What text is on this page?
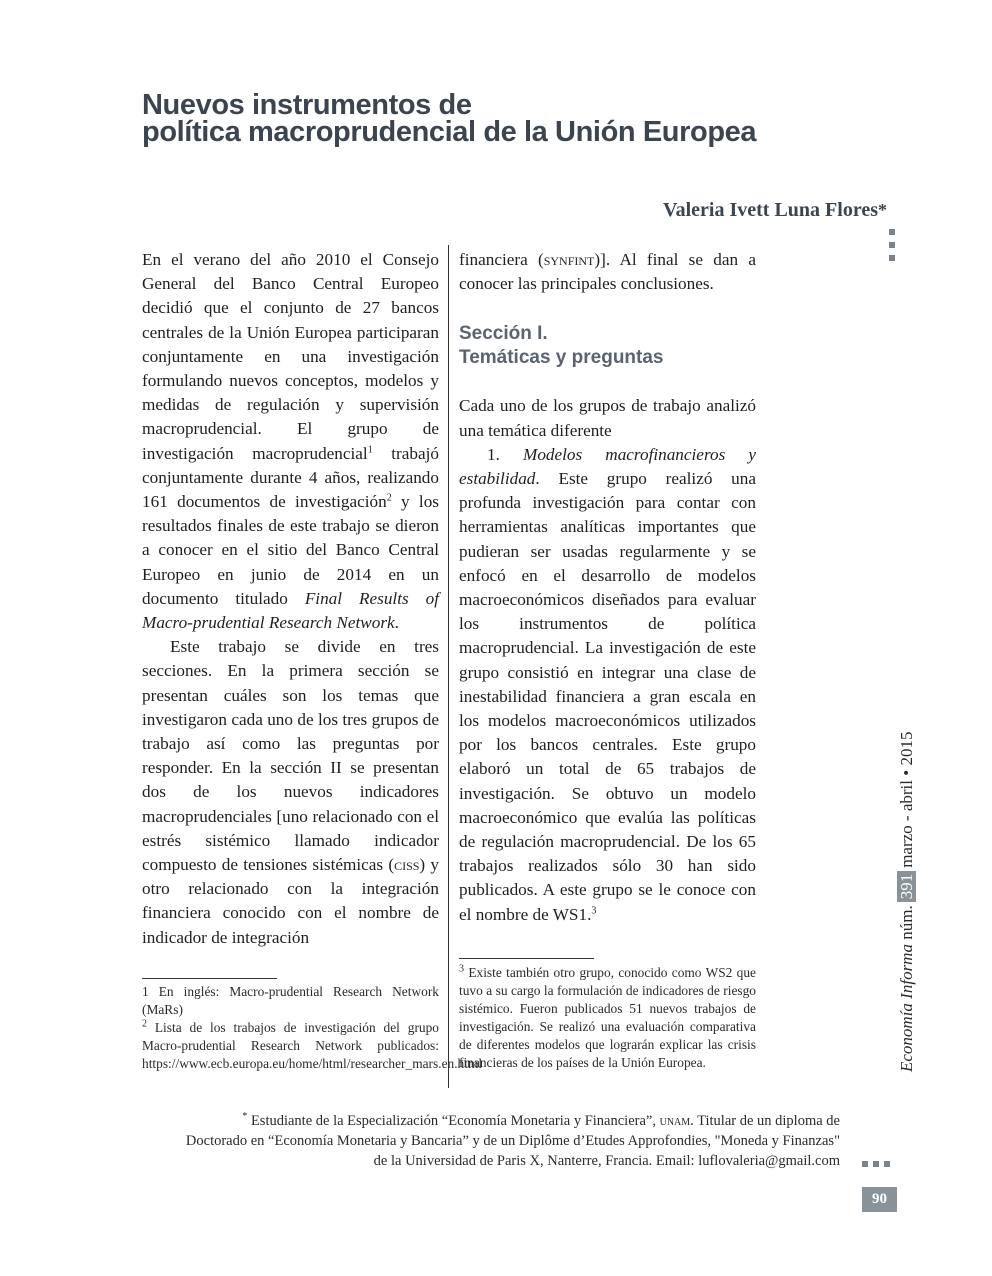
Nuevos instrumentos de
política macroprudencial de la Unión Europea

Valeria Ivett Luna Flores*

En el verano del año 2010 el Consejo General del Banco Central Europeo decidió que el conjunto de 27 bancos centrales de la Unión Europea participaran conjuntamente en una investigación formulando nuevos conceptos, modelos y medidas de regulación y supervisión macroprudencial. El grupo de investigación macroprudencial$^1$ trabajó conjuntamente durante 4 años, realizando 161 documentos de investigación$^2$ y los resultados finales de este trabajo se dieron a conocer en el sitio del Banco Central Europeo en junio de 2014 en un documento titulado Final Results of Macro-prudential Research Network.

Este trabajo se divide en tres secciones. En la primera sección se presentan cuáles son los temas que investigaron cada uno de los tres grupos de trabajo así como las preguntas por responder. En la sección II se presentan dos de los nuevos indicadores macroprudenciales [uno relacionado con el estrés sistémico llamado indicador compuesto de tensiones sistémicas (ciss) y otro relacionado con la integración financiera conocido con el nombre de indicador de integración

financiera (synfint)]. Al final se dan a conocer las principales conclusiones.

Sección I.
Temáticas y preguntas

Cada uno de los grupos de trabajo analizó una temática diferente

1. Modelos macrofinancieros y estabilidad. Este grupo realizó una profunda investigación para contar con herramientas analíticas importantes que pudieran ser usadas regularmente y se enfocó en el desarrollo de modelos macroeconómicos diseñados para evaluar los instrumentos de política macroprudencial. La investigación de este grupo consistió en integrar una clase de inestabilidad financiera a gran escala en los modelos macroeconómicos utilizados por los bancos centrales. Este grupo elaboró un total de 65 trabajos de investigación. Se obtuvo un modelo macroeconómico que evalúa las políticas de regulación macroprudencial. De los 65 trabajos realizados sólo 30 han sido publicados. A este grupo se le conoce con el nombre de WS1.$^3$

1 En inglés: Macro-prudential Research Network (MaRs)

$^2$ Lista de los trabajos de investigación del grupo Macro-prudential Research Network publicados: https://www.ecb.europa.eu/home/html/researcher_mars.en.html

$^3$ Existe también otro grupo, conocido como WS2 que tuvo a su cargo la formulación de indicadores de riesgo sistémico. Fueron publicados 51 nuevos trabajos de investigación. Se realizó una evaluación comparativa de diferentes modelos que lograrán explicar las crisis financieras de los países de la Unión Europea.

* Estudiante de la Especialización “Economía Monetaria y Financiera”, unam. Titular de un diploma de Doctorado en “Economía Monetaria y Bancaria” y de un Diplôme d’Etudes Approfondies, "Moneda y Finanzas" de la Universidad de Paris X, Nanterre, Francia. Email: luflovaleria@gmail.com

Economía Informa núm.391marzo - abril • 2015
90
